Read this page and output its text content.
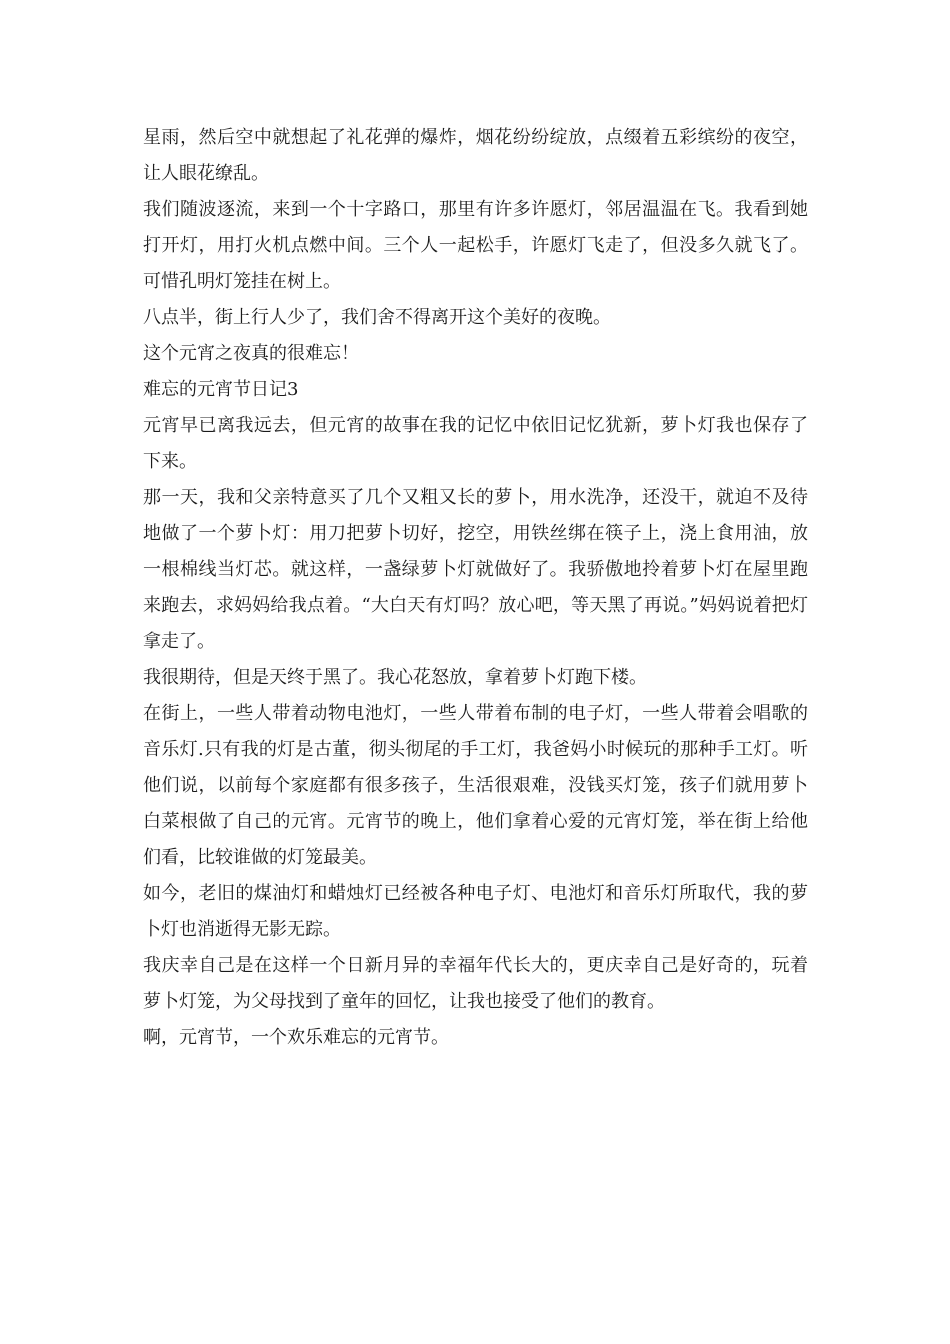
星雨，然后空中就想起了礼花弹的爆炸，烟花纷纷绽放，点缀着五彩缤纷的夜空，让人眼花缭乱。

我们随波逐流，来到一个十字路口，那里有许多许愿灯，邻居温温在飞。我看到她打开灯，用打火机点燃中间。三个人一起松手，许愿灯飞走了，但没多久就飞了。可惜孔明灯笼挂在树上。

八点半，街上行人少了，我们舍不得离开这个美好的夜晚。

这个元宵之夜真的很难忘！

难忘的元宵节日记3

元宵早已离我远去，但元宵的故事在我的记忆中依旧记忆犹新，萝卜灯我也保存了下来。

那一天，我和父亲特意买了几个又粗又长的萝卜，用水洗净，还没干，就迫不及待地做了一个萝卜灯：用刀把萝卜切好，挖空，用铁丝绑在筷子上，浇上食用油，放一根棉线当灯芯。就这样，一盏绿萝卜灯就做好了。我骄傲地拎着萝卜灯在屋里跑来跑去，求妈妈给我点着。“大白天有灯吗？放心吧，等天黑了再说。”妈妈说着把灯拿走了。

我很期待，但是天终于黑了。我心花怒放，拿着萝卜灯跑下楼。

在街上，一些人带着动物电池灯，一些人带着布制的电子灯，一些人带着会唱歌的音乐灯.只有我的灯是古董，彻头彻尾的手工灯，我爸妈小时候玩的那种手工灯。听他们说，以前每个家庭都有很多孩子，生活很艰难，没钱买灯笼，孩子们就用萝卜白菜根做了自己的元宵。元宵节的晚上，他们拿着心爱的元宵灯笼，举在街上给他们看，比较谁做的灯笼最美。

如今，老旧的煤油灯和蜡烛灯已经被各种电子灯、电池灯和音乐灯所取代，我的萝卜灯也消逝得无影无踪。

我庆幸自己是在这样一个日新月异的幸福年代长大的，更庆幸自己是好奇的，玩着萝卜灯笼，为父母找到了童年的回忆，让我也接受了他们的教育。

啊，元宵节，一个欢乐难忘的元宵节。
